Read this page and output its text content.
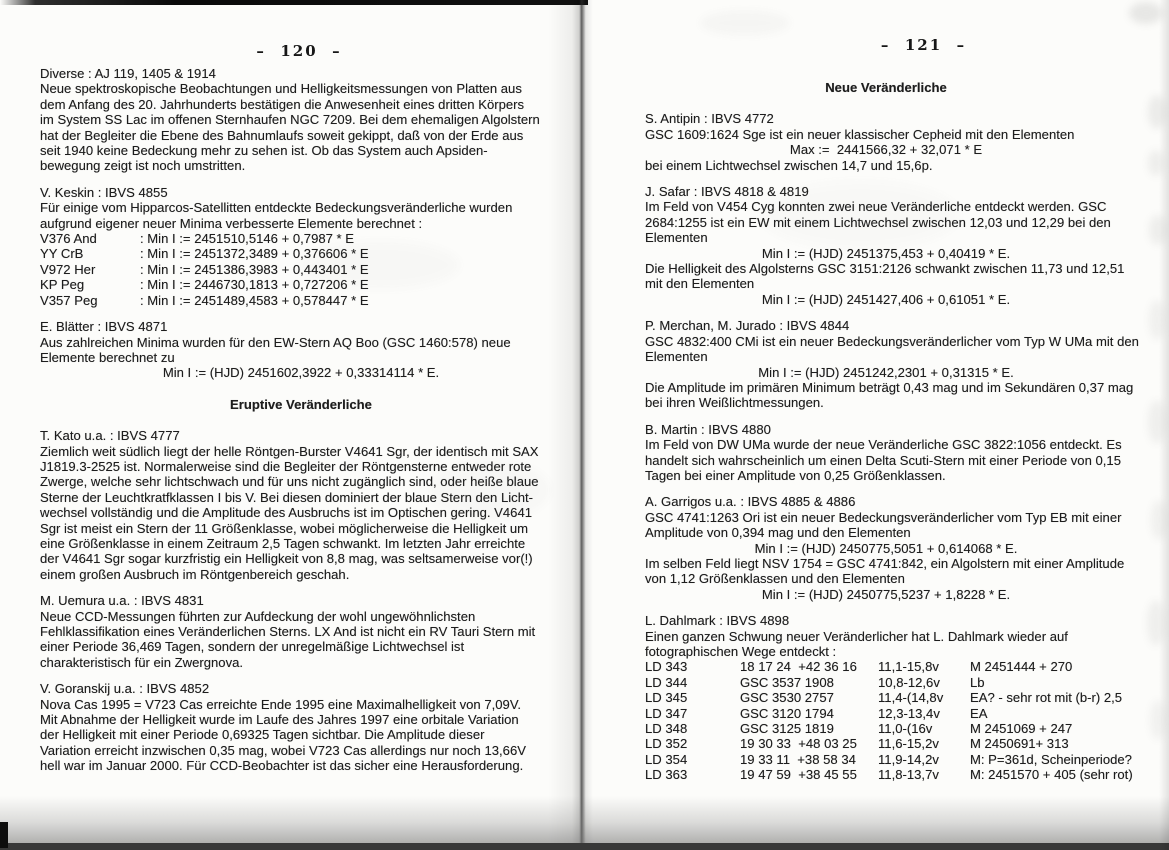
–  120  –
Diverse : AJ 119, 1405 & 1914
Neue spektroskopische Beobachtungen und Helligkeitsmessungen von Platten aus
dem Anfang des 20. Jahrhunderts bestätigen die Anwesenheit eines dritten Körpers
im System SS Lac im offenen Sternhaufen NGC 7209. Bei dem ehemaligen Algolstern
hat der Begleiter die Ebene des Bahnumlaufs soweit gekippt, daß von der Erde aus
seit 1940 keine Bedeckung mehr zu sehen ist. Ob das System auch Apsiden-
bewegung zeigt ist noch umstritten.
V. Keskin : IBVS 4855
Für einige vom Hipparcos-Satellitten entdeckte Bedeckungsveränderliche wurden
aufgrund eigener neuer Minima verbesserte Elemente berechnet :
V376 And	: Min I := 2451510,5146 + 0,7987 * E
YY CrB	: Min I := 2451372,3489 + 0,376606 * E
V972 Her	: Min I := 2451386,3983 + 0,443401 * E
KP Peg	: Min I := 2446730,1813 + 0,727206 * E
V357 Peg	: Min I := 2451489,4583 + 0,578447 * E
E. Blätter : IBVS 4871
Aus zahlreichen Minima wurden für den EW-Stern AQ Boo (GSC 1460:578) neue
Elemente berechnet zu
Min I := (HJD) 2451602,3922 + 0,33314114 * E.
Eruptive Veränderliche
T. Kato u.a. : IBVS 4777
Ziemlich weit südlich liegt der helle Röntgen-Burster V4641 Sgr, der identisch mit SAX
J1819.3-2525 ist. Normalerweise sind die Begleiter der Röntgensterne entweder rote
Zwerge, welche sehr lichtschwach und für uns nicht zugänglich sind, oder heiße blaue
Sterne der Leuchtkratfklassen I bis V. Bei diesen dominiert der blaue Stern den Licht-
wechsel vollständig und die Amplitude des Ausbruchs ist im Optischen gering. V4641
Sgr ist meist ein Stern der 11 Größenklasse, wobei möglicherweise die Helligkeit um
eine Größenklasse in einem Zeitraum 2,5 Tagen schwankt. Im letzten Jahr erreichte
der V4641 Sgr sogar kurzfristig ein Helligkeit von 8,8 mag, was seltsamerweise vor(!)
einem großen Ausbruch im Röntgenbereich geschah.
M. Uemura u.a. : IBVS 4831
Neue CCD-Messungen führten zur Aufdeckung der wohl ungewöhnlichsten
Fehlklassifikation eines Veränderlichen Sterns. LX And ist nicht ein RV Tauri Stern mit
einer Periode 36,469 Tagen, sondern der unregelmäßige Lichtwechsel ist
charakteristisch für ein Zwergnova.
V. Goranskij u.a. : IBVS 4852
Nova Cas 1995 = V723 Cas erreichte Ende 1995 eine Maximalhelligkeit von 7,09V.
Mit Abnahme der Helligkeit wurde im Laufe des Jahres 1997 eine orbitale Variation
der Helligkeit mit einer Periode 0,69325 Tagen sichtbar. Die Amplitude dieser
Variation erreicht inzwischen 0,35 mag, wobei V723 Cas allerdings nur noch 13,66V
hell war im Januar 2000. Für CCD-Beobachter ist das sicher eine Herausforderung.
–  121  –
Neue Veränderliche
S. Antipin : IBVS 4772
GSC 1609:1624 Sge ist ein neuer klassischer Cepheid mit den Elementen
Max :=  2441566,32 + 32,071 * E
bei einem Lichtwechsel zwischen 14,7 und 15,6p.
J. Safar : IBVS 4818 & 4819
Im Feld von V454 Cyg konnten zwei neue Veränderliche entdeckt werden. GSC
2684:1255 ist ein EW mit einem Lichtwechsel zwischen 12,03 und 12,29 bei den
Elementen
Min I := (HJD) 2451375,453 + 0,40419 * E.
Die Helligkeit des Algolsterns GSC 3151:2126 schwankt zwischen 11,73 und 12,51
mit den Elementen
Min I := (HJD) 2451427,406 + 0,61051 * E.
P. Merchan, M. Jurado : IBVS 4844
GSC 4832:400 CMi ist ein neuer Bedeckungsveränderlicher vom Typ W UMa mit den
Elementen
Min I := (HJD) 2451242,2301 + 0,31315 * E.
Die Amplitude im primären Minimum beträgt 0,43 mag und im Sekundären 0,37 mag
bei ihren Weißlichtmessungen.
B. Martin : IBVS 4880
Im Feld von DW UMa wurde der neue Veränderliche GSC 3822:1056 entdeckt. Es
handelt sich wahrscheinlich um einen Delta Scuti-Stern mit einer Periode von 0,15
Tagen bei einer Amplitude von 0,25 Größenklassen.
A. Garrigos u.a. : IBVS 4885 & 4886
GSC 4741:1263 Ori ist ein neuer Bedeckungsveränderlicher vom Typ EB mit einer
Amplitude von 0,394 mag und den Elementen
Min I := (HJD) 2450775,5051 + 0,614068 * E.
Im selben Feld liegt NSV 1754 = GSC 4741:842, ein Algolstern mit einer Amplitude
von 1,12 Größenklassen und den Elementen
Min I := (HJD) 2450775,5237 + 1,8228 * E.
L. Dahlmark : IBVS 4898
Einen ganzen Schwung neuer Veränderlicher hat L. Dahlmark wieder auf
fotographischen Wege entdeckt :
LD 343	18 17 24  +42 36 16	11,1-15,8v	M 2451444 + 270
LD 344	GSC 3537 1908	10,8-12,6v	Lb
LD 345	GSC 3530 2757	11,4-(14,8v	EA? - sehr rot mit (b-r) 2,5
LD 347	GSC 3120 1794	12,3-13,4v	EA
LD 348	GSC 3125 1819	11,0-(16v	M 2451069 + 247
LD 352	19 30 33  +48 03 25	11,6-15,2v	M 2450691+ 313
LD 354	19 33 11  +38 58 34	11,9-14,2v	M: P=361d, Scheinperiode?
LD 363	19 47 59  +38 45 55	11,8-13,7v	M: 2451570 + 405 (sehr rot)
